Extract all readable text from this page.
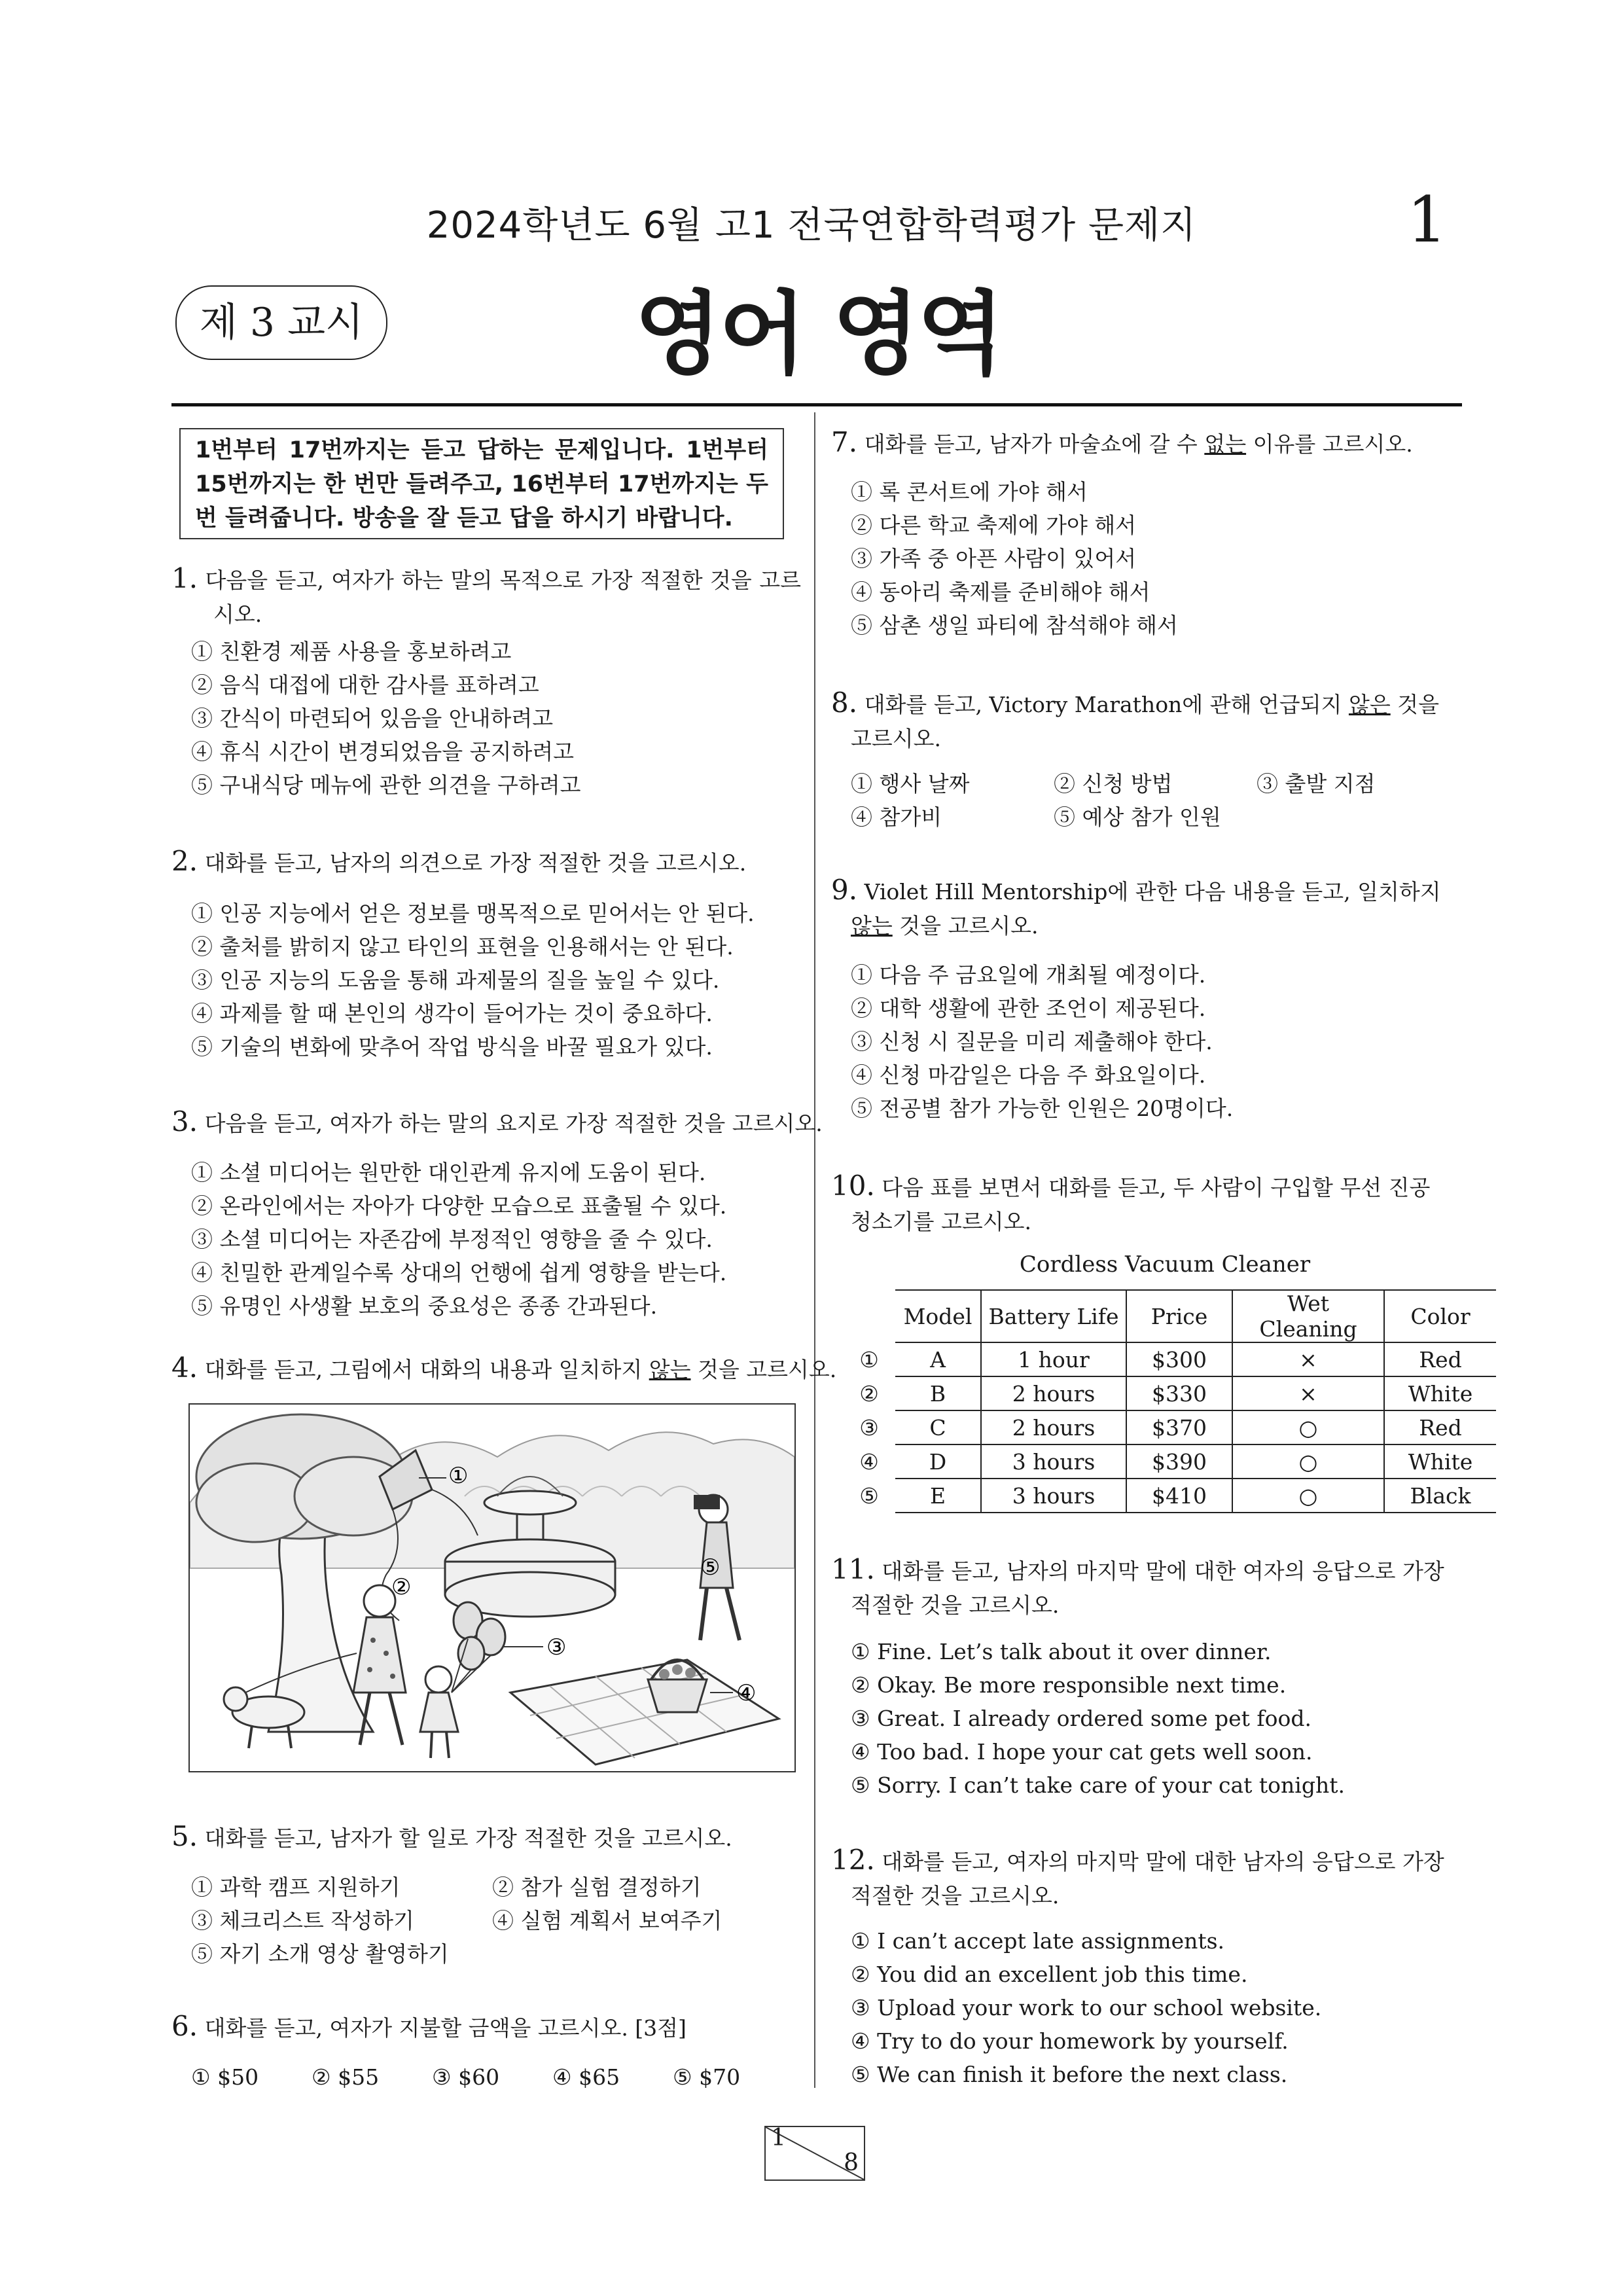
2024학년도 6월 고1 전국연합학력평가 문제지	1
제 3 교시	영어 영역
1번부터 17번까지는 듣고 답하는 문제입니다. 1번부터 15번까지는 한 번만 들려주고, 16번부터 17번까지는 두 번 들려줍니다. 방송을 잘 듣고 답을 하시기 바랍니다.
1. 다음을 듣고, 여자가 하는 말의 목적으로 가장 적절한 것을 고르시오.
① 친환경 제품 사용을 홍보하려고
② 음식 대접에 대한 감사를 표하려고
③ 간식이 마련되어 있음을 안내하려고
④ 휴식 시간이 변경되었음을 공지하려고
⑤ 구내식당 메뉴에 관한 의견을 구하려고
2. 대화를 듣고, 남자의 의견으로 가장 적절한 것을 고르시오.
① 인공 지능에서 얻은 정보를 맹목적으로 믿어서는 안 된다.
② 출처를 밝히지 않고 타인의 표현을 인용해서는 안 된다.
③ 인공 지능의 도움을 통해 과제물의 질을 높일 수 있다.
④ 과제를 할 때 본인의 생각이 들어가는 것이 중요하다.
⑤ 기술의 변화에 맞추어 작업 방식을 바꿀 필요가 있다.
3. 다음을 듣고, 여자가 하는 말의 요지로 가장 적절한 것을 고르시오.
① 소셜 미디어는 원만한 대인관계 유지에 도움이 된다.
② 온라인에서는 자아가 다양한 모습으로 표출될 수 있다.
③ 소셜 미디어는 자존감에 부정적인 영향을 줄 수 있다.
④ 친밀한 관계일수록 상대의 언행에 쉽게 영향을 받는다.
⑤ 유명인 사생활 보호의 중요성은 종종 간과된다.
4. 대화를 듣고, 그림에서 대화의 내용과 일치하지 않는 것을 고르시오.
①
⑤
②
③
④
5. 대화를 듣고, 남자가 할 일로 가장 적절한 것을 고르시오.
① 과학 캠프 지원하기	② 참가 실험 결정하기
③ 체크리스트 작성하기	④ 실험 계획서 보여주기
⑤ 자기 소개 영상 촬영하기
6. 대화를 듣고, 여자가 지불할 금액을 고르시오. [3점]
① $50 ② $55 ③ $60 ④ $65 ⑤ $70
7. 대화를 듣고, 남자가 마술쇼에 갈 수 없는 이유를 고르시오.
① 록 콘서트에 가야 해서
② 다른 학교 축제에 가야 해서
③ 가족 중 아픈 사람이 있어서
④ 동아리 축제를 준비해야 해서
⑤ 삼촌 생일 파티에 참석해야 해서
8. 대화를 듣고, Victory Marathon에 관해 언급되지 않은 것을
고르시오.
① 행사 날짜	② 신청 방법	③ 출발 지점
④ 참가비	⑤ 예상 참가 인원
9. Violet Hill Mentorship에 관한 다음 내용을 듣고, 일치하지
않는 것을 고르시오.
① 다음 주 금요일에 개최될 예정이다.
② 대학 생활에 관한 조언이 제공된다.
③ 신청 시 질문을 미리 제출해야 한다.
④ 신청 마감일은 다음 주 화요일이다.
⑤ 전공별 참가 가능한 인원은 20명이다.
10. 다음 표를 보면서 대화를 듣고, 두 사람이 구입할 무선 진공
청소기를 고르시오.
Cordless Vacuum Cleaner
	Model	Battery Life	Price	Wet Cleaning	Color
①	A	1 hour	$300	×	Red
②	B	2 hours	$330	×	White
③	C	2 hours	$370	○	Red
④	D	3 hours	$390	○	White
⑤	E	3 hours	$410	○	Black
11. 대화를 듣고, 남자의 마지막 말에 대한 여자의 응답으로 가장
적절한 것을 고르시오.
① Fine. Let’s talk about it over dinner.
② Okay. Be more responsible next time.
③ Great. I already ordered some pet food.
④ Too bad. I hope your cat gets well soon.
⑤ Sorry. I can’t take care of your cat tonight.
12. 대화를 듣고, 여자의 마지막 말에 대한 남자의 응답으로 가장
적절한 것을 고르시오.
① I can’t accept late assignments.
② You did an excellent job this time.
③ Upload your work to our school website.
④ Try to do your homework by yourself.
⑤ We can finish it before the next class.
1
8
